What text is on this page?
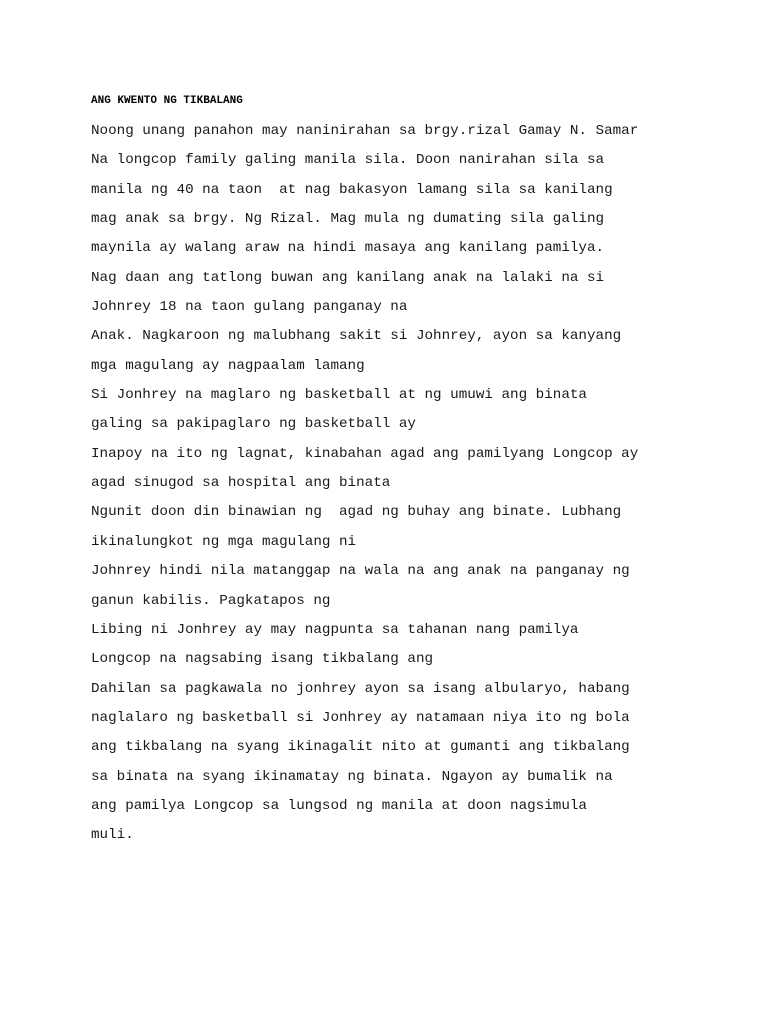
ANG KWENTO NG TIKBALANG
Noong unang panahon may naninirahan sa brgy.rizal Gamay N. Samar
Na longcop family galing manila sila. Doon nanirahan sila sa
manila ng 40 na taon  at nag bakasyon lamang sila sa kanilang
mag anak sa brgy. Ng Rizal. Mag mula ng dumating sila galing
maynila ay walang araw na hindi masaya ang kanilang pamilya.
Nag daan ang tatlong buwan ang kanilang anak na lalaki na si
Johnrey 18 na taon gulang panganay na
Anak. Nagkaroon ng malubhang sakit si Johnrey, ayon sa kanyang
mga magulang ay nagpaalam lamang
Si Jonhrey na maglaro ng basketball at ng umuwi ang binata
galing sa pakipaglaro ng basketball ay
Inapoy na ito ng lagnat, kinabahan agad ang pamilyang Longcop ay
agad sinugod sa hospital ang binata
Ngunit doon din binawian ng  agad ng buhay ang binate. Lubhang
ikinalungkot ng mga magulang ni
Johnrey hindi nila matanggap na wala na ang anak na panganay ng
ganun kabilis. Pagkatapos ng
Libing ni Jonhrey ay may nagpunta sa tahanan nang pamilya
Longcop na nagsabing isang tikbalang ang
Dahilan sa pagkawala no jonhrey ayon sa isang albularyo, habang
naglalaro ng basketball si Jonhrey ay natamaan niya ito ng bola
ang tikbalang na syang ikinagalit nito at gumanti ang tikbalang
sa binata na syang ikinamatay ng binata. Ngayon ay bumalik na
ang pamilya Longcop sa lungsod ng manila at doon nagsimula
muli.
